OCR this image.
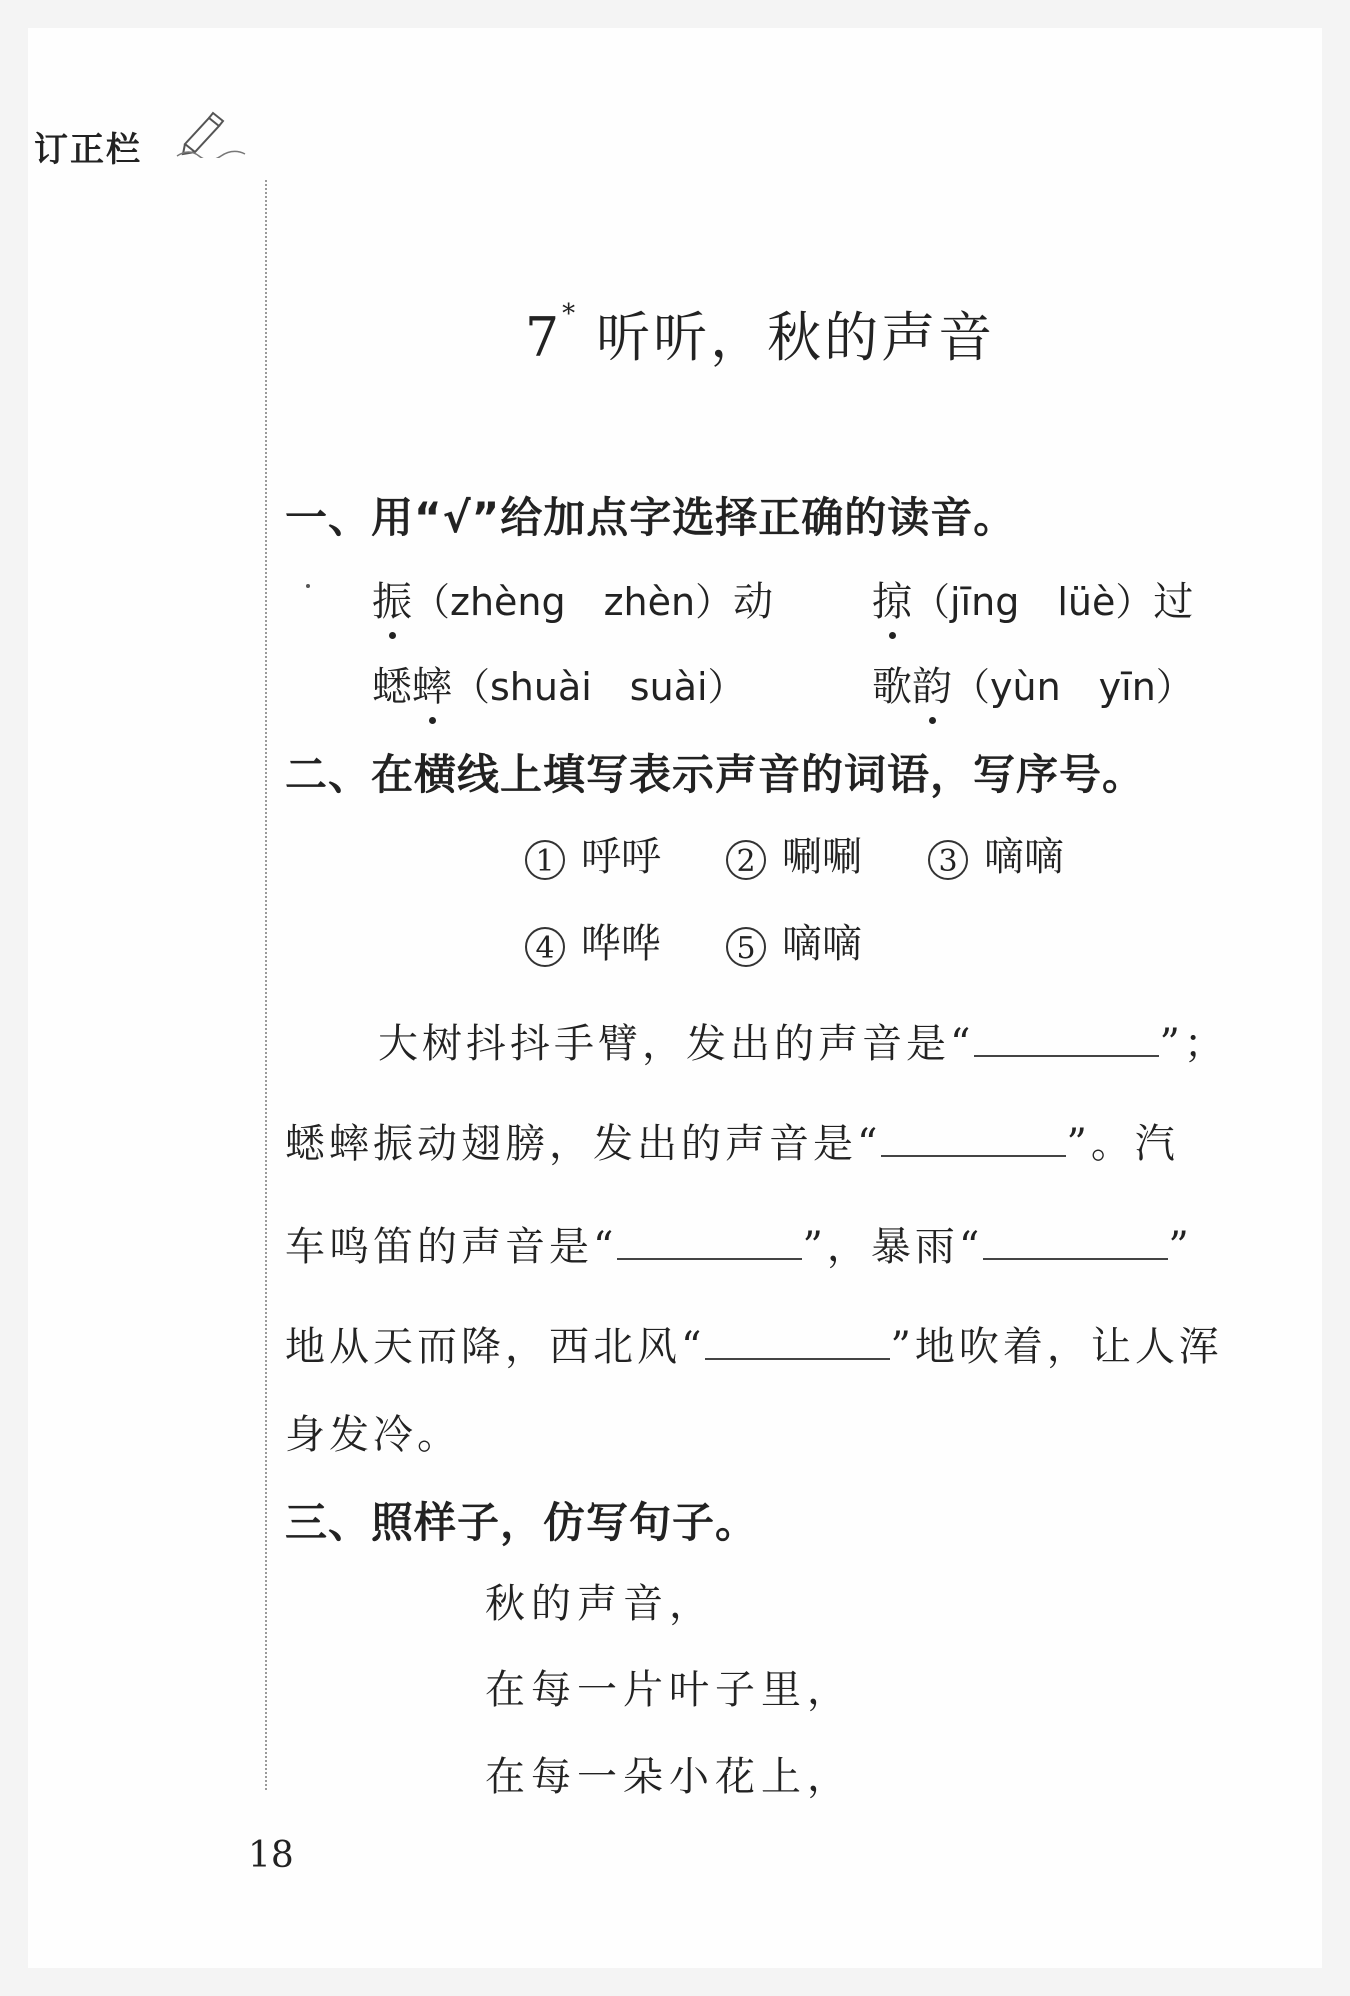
订正栏
7* 听听，秋的声音
一、用“√”给加点字选择正确的读音。
振（zhèng　zhèn）动 掠（jīng　lüè）过
蟋蟀（shuài　suài）	歌韵（yùn　yīn）
二、在横线上填写表示声音的词语，写序号。
1 呼呼	2 唰唰	3 嘀嘀
4 哗哗	5 嘀嘀
大树抖抖手臂，发出的声音是“	”；
蟋蟀振动翅膀，发出的声音是“	”。汽
车鸣笛的声音是“	”，暴雨“	”
地从天而降，西北风“	”地吹着，让人浑
身发冷。
三、照样子，仿写句子。
秋的声音，
在每一片叶子里，
在每一朵小花上，
18
